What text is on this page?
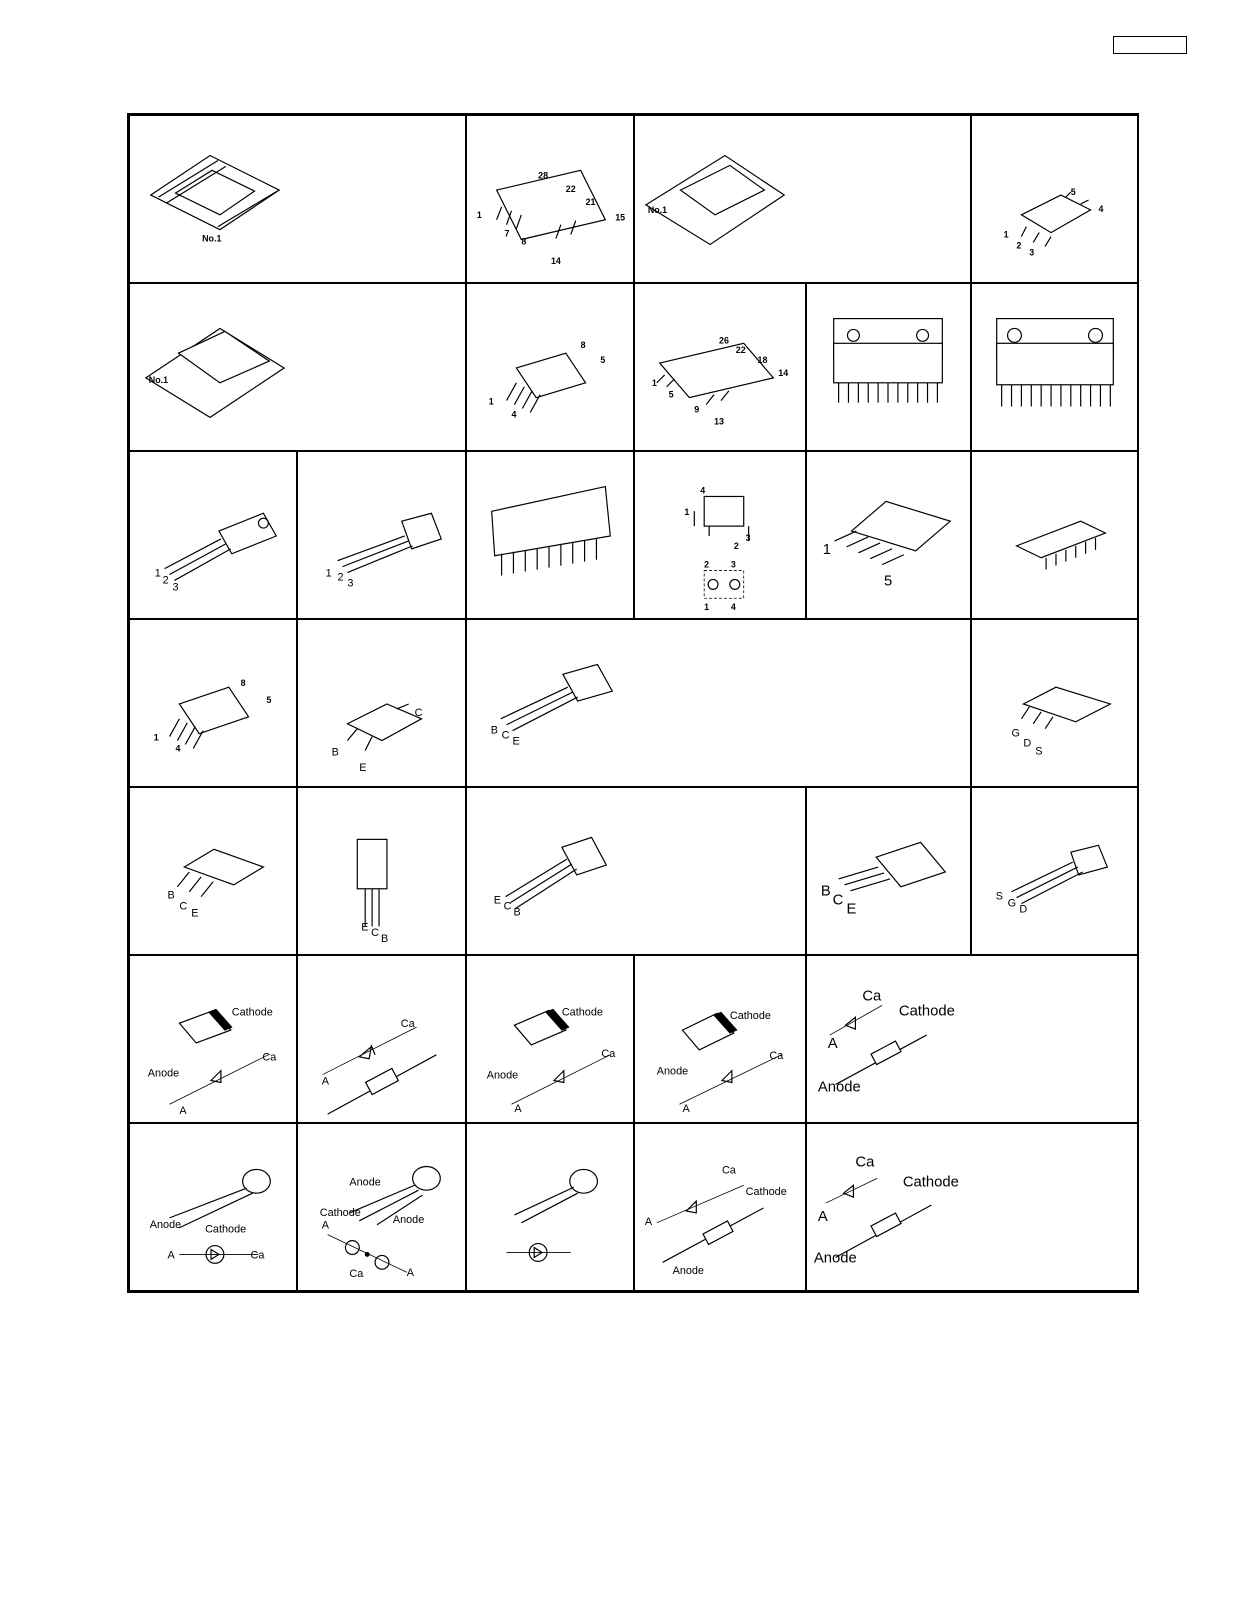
No.1
28
22
21
15
1
7
8
14
No.1
5
4
1
2
3
No.1
8
5
1
4
26
22
18
14
1
5
9
13
1
2
3
1 2 3
4
1
2
3
2 3
1 4
1
5
8
5
1
4
C
B
E
B C E
G
D
S
B
C
E
E C B
E C B
B
C
E
S
G D
Cathode
Anode
Ca
A
Ca
A
Cathode
Anode
Ca
A
Cathode
Anode
Ca
A
Ca
Cathode
A
Anode
Anode Cathode
A	Ca
Anode
Cathode
Anode
A
Ca	A
Ca
Cathode
A
Anode
Ca
Cathode
A
Anode
